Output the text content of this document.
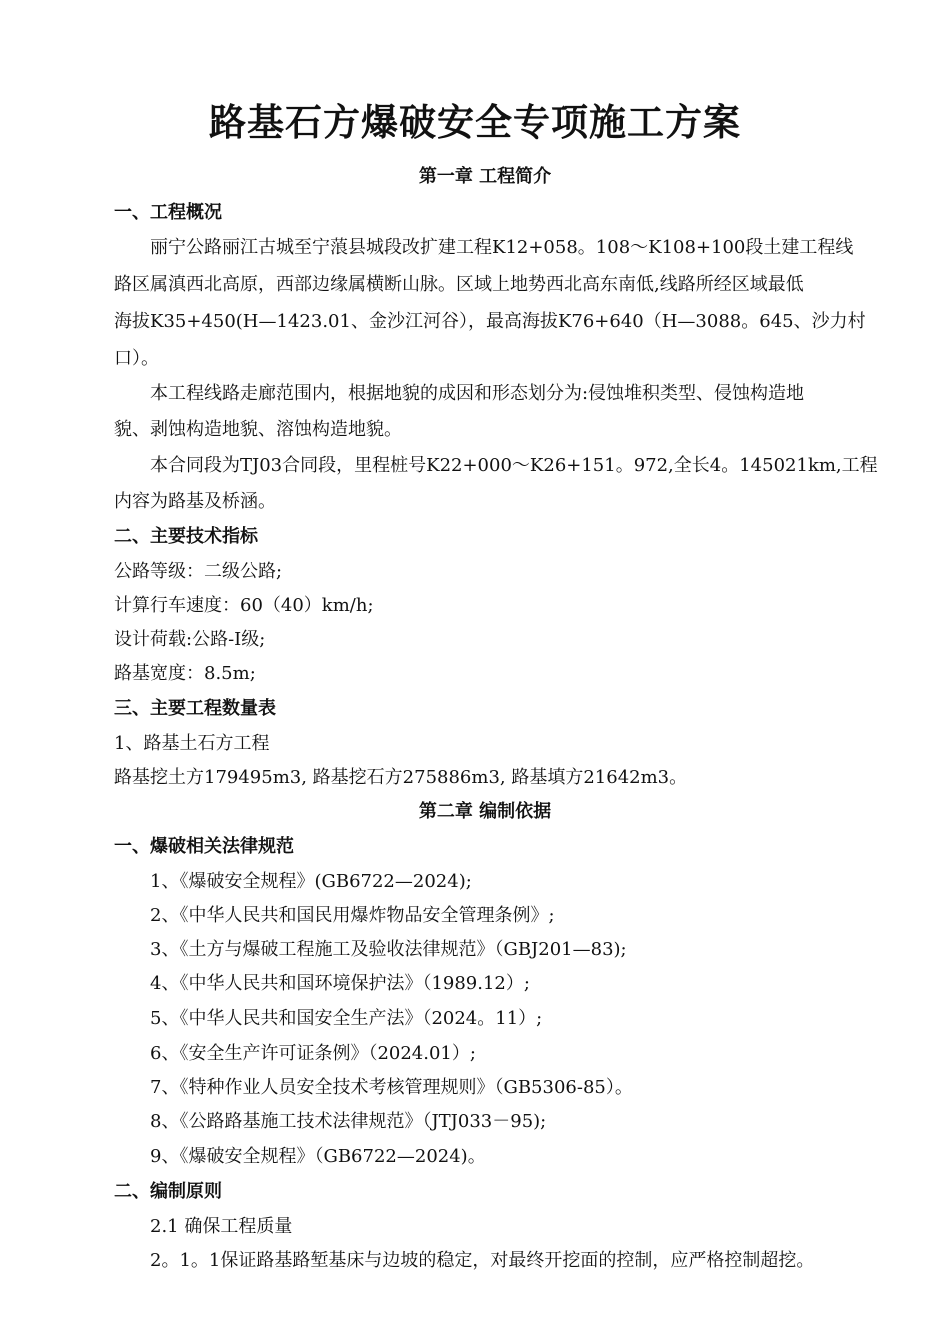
路基石方爆破安全专项施工方案
第一章 工程简介
一、工程概况
丽宁公路丽江古城至宁蒗县城段改扩建工程K12+058。108～K108+100段土建工程线
路区属滇西北高原，西部边缘属横断山脉。区域上地势西北高东南低,线路所经区域最低
海拔K35+450(H—1423.01、金沙江河谷），最高海拔K76+640（H—3088。645、沙力村
口）。
本工程线路走廊范围内，根据地貌的成因和形态划分为:侵蚀堆积类型、侵蚀构造地
貌、剥蚀构造地貌、溶蚀构造地貌。
本合同段为TJ03合同段，里程桩号K22+000～K26+151。972,全长4。145021km,工程
内容为路基及桥涵。
二、主要技术指标
公路等级：二级公路;
计算行车速度：60（40）km/h;
设计荷载:公路-Ⅰ级;
路基宽度：8.5m;
三、主要工程数量表
1、路基土石方工程
路基挖土方179495m3, 路基挖石方275886m3, 路基填方21642m3。
第二章 编制依据
一、爆破相关法律规范
1、《爆破安全规程》(GB6722—2024);
2、《中华人民共和国民用爆炸物品安全管理条例》;
3、《土方与爆破工程施工及验收法律规范》（GBJ201—83);
4、《中华人民共和国环境保护法》（1989.12）;
5、《中华人民共和国安全生产法》（2024。11）;
6、《安全生产许可证条例》（2024.01）;
7、《特种作业人员安全技术考核管理规则》（GB5306-85）。
8、《公路路基施工技术法律规范》（JTJ033－95);
9、《爆破安全规程》（GB6722—2024)。
二、编制原则
2.1 确保工程质量
2。1。1保证路基路堑基床与边坡的稳定，对最终开挖面的控制，应严格控制超挖。
